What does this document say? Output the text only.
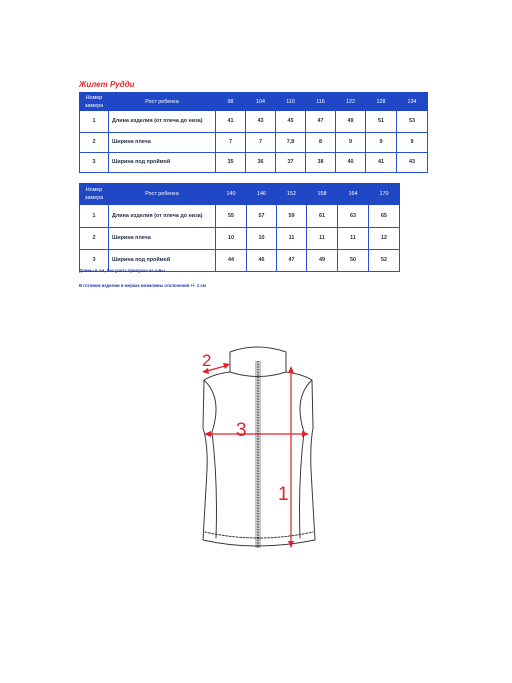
Жилет Рудди
Номер замера	Рост ребенка	98	104	110	116	122	128	134
1	Длина изделия (от плеча до низа)	41	43	45	47	49	51	53
2	Ширина плеча	7	7	7,8	8	9	9	9
3	Ширина под проймой	35	36	37	38	40	41	43
Номер замера	Рост ребенка	140	146	152	158	164	170
1	Длина изделия (от плеча до низа)	55	57	59	61	63	65
2	Ширина плеча	10	10	11	11	11	12
3	Ширина под проймой	44	46	47	49	50	52
Длины в см, без учета припуска на швы
В готовом изделии в мерках возможны отклонения +/- 1 см
2
3
1
